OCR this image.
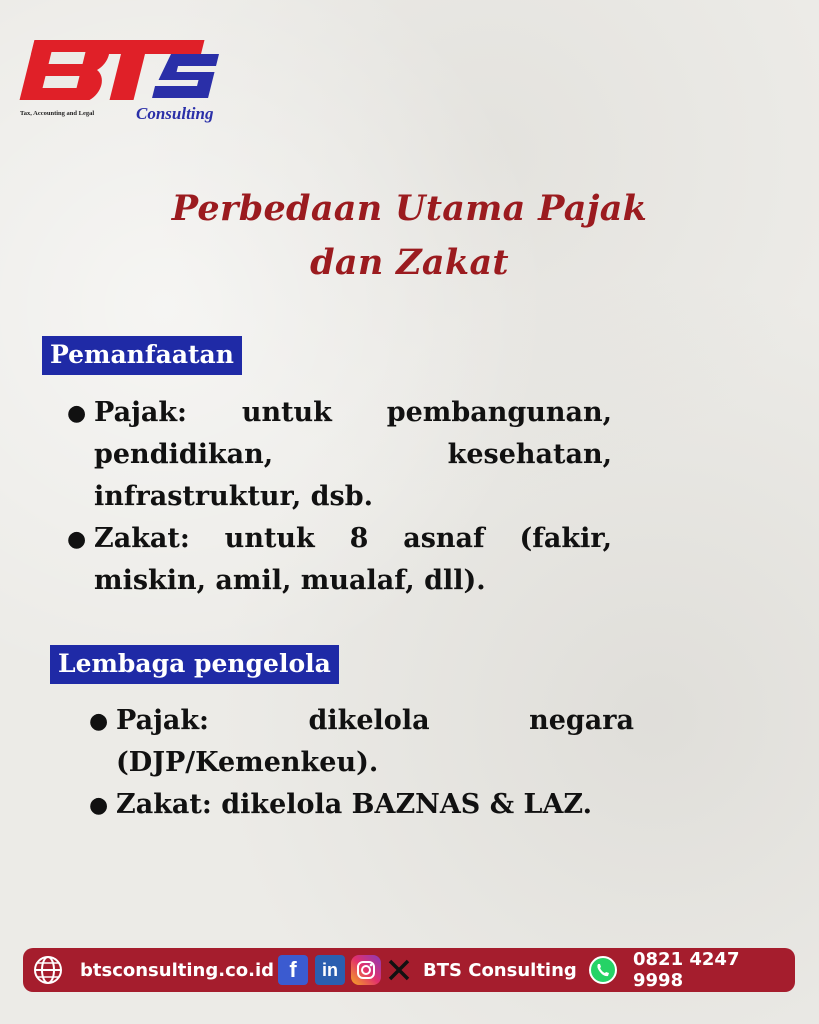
Tax, Accounting and Legal Consulting
Perbedaan Utama Pajak
dan Zakat
Pemanfaatan
● Pajak: untuk pembangunan, pendidikan, kesehatan, infrastruktur, dsb.
● Zakat: untuk 8 asnaf (fakir, miskin, amil, mualaf, dll).
Lembaga pengelola
● Pajak: dikelola negara (DJP/Kemenkeu).
● Zakat: dikelola BAZNAS & LAZ.
btsconsulting.co.id f	in	BTS Consulting	0821 4247 9998
